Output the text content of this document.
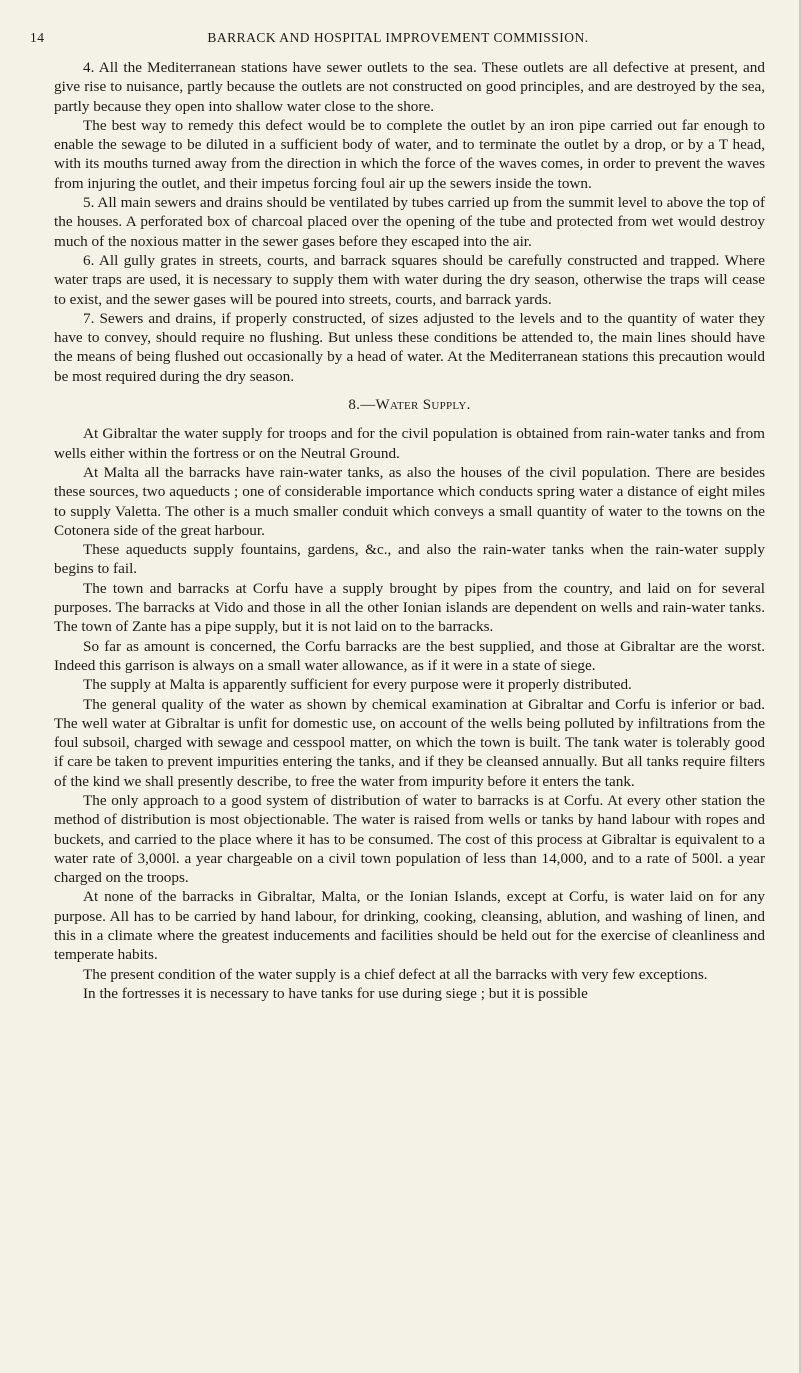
14	BARRACK AND HOSPITAL IMPROVEMENT COMMISSION.

4. All the Mediterranean stations have sewer outlets to the sea. These outlets are all defective at present, and give rise to nuisance, partly because the outlets are not constructed on good principles, and are destroyed by the sea, partly because they open into shallow water close to the shore.

The best way to remedy this defect would be to complete the outlet by an iron pipe carried out far enough to enable the sewage to be diluted in a sufficient body of water, and to terminate the outlet by a drop, or by a T head, with its mouths turned away from the direction in which the force of the waves comes, in order to prevent the waves from injuring the outlet, and their impetus forcing foul air up the sewers inside the town.

5. All main sewers and drains should be ventilated by tubes carried up from the summit level to above the top of the houses. A perforated box of charcoal placed over the opening of the tube and protected from wet would destroy much of the noxious matter in the sewer gases before they escaped into the air.

6. All gully grates in streets, courts, and barrack squares should be carefully constructed and trapped. Where water traps are used, it is necessary to supply them with water during the dry season, otherwise the traps will cease to exist, and the sewer gases will be poured into streets, courts, and barrack yards.

7. Sewers and drains, if properly constructed, of sizes adjusted to the levels and to the quantity of water they have to convey, should require no flushing. But unless these conditions be attended to, the main lines should have the means of being flushed out occasionally by a head of water. At the Mediterranean stations this precaution would be most required during the dry season.

8.—Water Supply.

At Gibraltar the water supply for troops and for the civil population is obtained from rain-water tanks and from wells either within the fortress or on the Neutral Ground.

At Malta all the barracks have rain-water tanks, as also the houses of the civil population. There are besides these sources, two aqueducts ; one of considerable importance which conducts spring water a distance of eight miles to supply Valetta. The other is a much smaller conduit which conveys a small quantity of water to the towns on the Cotonera side of the great harbour.

These aqueducts supply fountains, gardens, &c., and also the rain-water tanks when the rain-water supply begins to fail.

The town and barracks at Corfu have a supply brought by pipes from the country, and laid on for several purposes. The barracks at Vido and those in all the other Ionian islands are dependent on wells and rain-water tanks. The town of Zante has a pipe supply, but it is not laid on to the barracks.

So far as amount is concerned, the Corfu barracks are the best supplied, and those at Gibraltar are the worst. Indeed this garrison is always on a small water allowance, as if it were in a state of siege.

The supply at Malta is apparently sufficient for every purpose were it properly distributed.

The general quality of the water as shown by chemical examination at Gibraltar and Corfu is inferior or bad. The well water at Gibraltar is unfit for domestic use, on account of the wells being polluted by infiltrations from the foul subsoil, charged with sewage and cesspool matter, on which the town is built. The tank water is tolerably good if care be taken to prevent impurities entering the tanks, and if they be cleansed annually. But all tanks require filters of the kind we shall presently describe, to free the water from impurity before it enters the tank.

The only approach to a good system of distribution of water to barracks is at Corfu. At every other station the method of distribution is most objectionable. The water is raised from wells or tanks by hand labour with ropes and buckets, and carried to the place where it has to be consumed. The cost of this process at Gibraltar is equivalent to a water rate of 3,000l. a year chargeable on a civil town population of less than 14,000, and to a rate of 500l. a year charged on the troops.

At none of the barracks in Gibraltar, Malta, or the Ionian Islands, except at Corfu, is water laid on for any purpose. All has to be carried by hand labour, for drinking, cooking, cleansing, ablution, and washing of linen, and this in a climate where the greatest inducements and facilities should be held out for the exercise of cleanliness and temperate habits.

The present condition of the water supply is a chief defect at all the barracks with very few exceptions.

In the fortresses it is necessary to have tanks for use during siege ; but it is possible
